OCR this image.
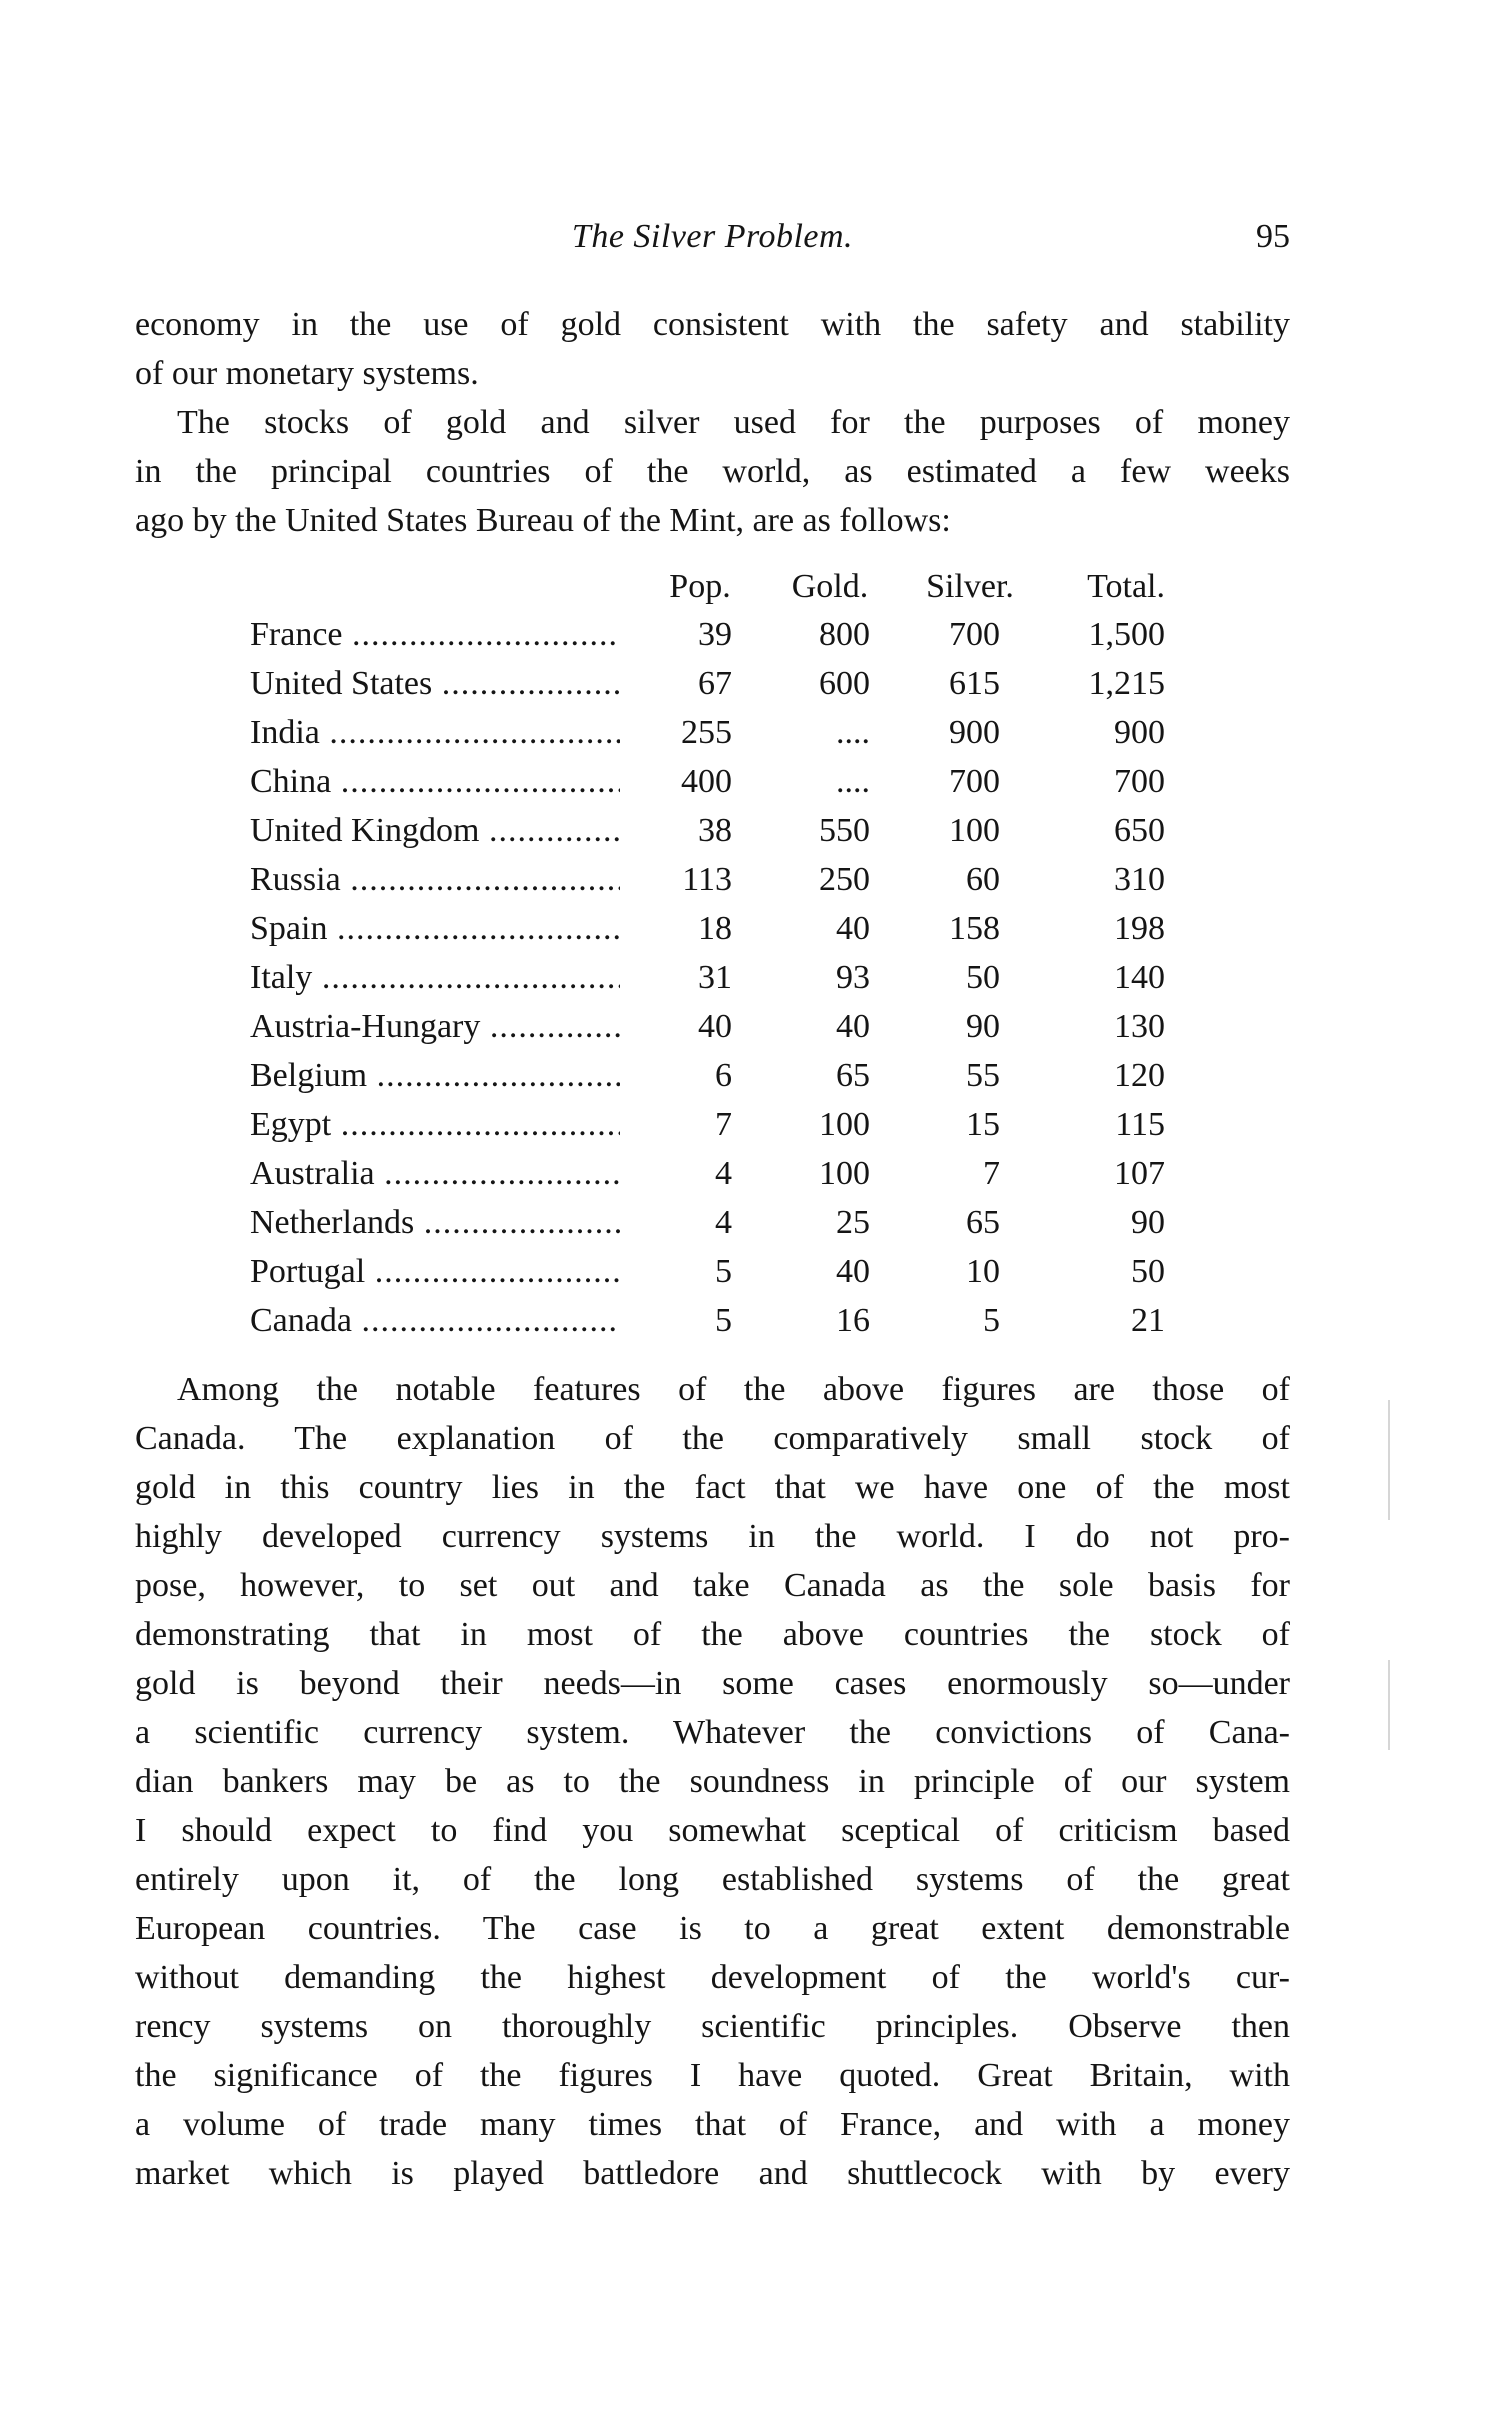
The Silver Problem.	95
economy in the use of gold consistent with the safety and stability
of our monetary systems.
The stocks of gold and silver used for the purposes of money
in the principal countries of the world, as estimated a few weeks
ago by the United States Bureau of the Mint, are as follows:
Pop.	Gold.	Silver.	Total.
France .....	39	800	700	1,500
United States .....	67	600	615	1,215
India .....	255	....	900	900
China .....	400	....	700	700
United Kingdom .....	38	550	100	650
Russia .....	113	250	60	310
Spain .....	18	40	158	198
Italy .....	31	93	50	140
Austria-Hungary .....	40	40	90	130
Belgium .....	6	65	55	120
Egypt .....	7	100	15	115
Australia .....	4	100	7	107
Netherlands .....	4	25	65	90
Portugal .....	5	40	10	50
Canada .....	5	16	5	21
Among the notable features of the above figures are those of
Canada. The explanation of the comparatively small stock of
gold in this country lies in the fact that we have one of the most
highly developed currency systems in the world. I do not pro-
pose, however, to set out and take Canada as the sole basis for
demonstrating that in most of the above countries the stock of
gold is beyond their needs—in some cases enormously so—under
a scientific currency system. Whatever the convictions of Cana-
dian bankers may be as to the soundness in principle of our system
I should expect to find you somewhat sceptical of criticism based
entirely upon it, of the long established systems of the great
European countries. The case is to a great extent demonstrable
without demanding the highest development of the world's cur-
rency systems on thoroughly scientific principles. Observe then
the significance of the figures I have quoted. Great Britain, with
a volume of trade many times that of France, and with a money
market which is played battledore and shuttlecock with by every
